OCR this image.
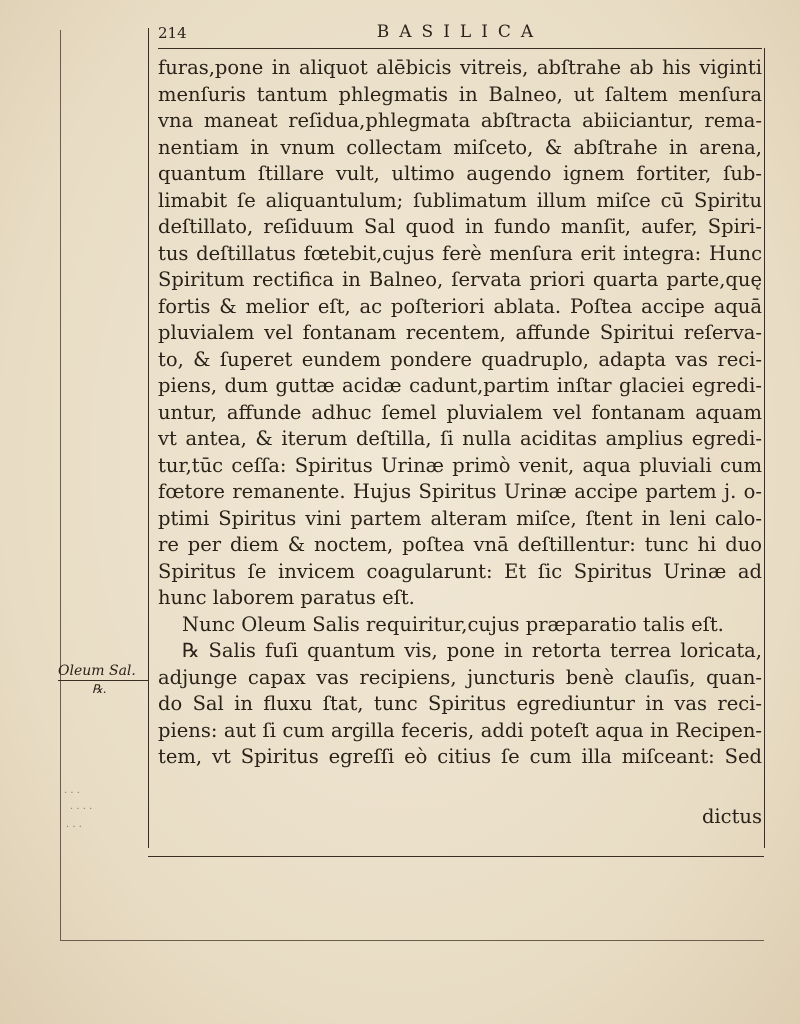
214	BASILICA
furas,pone in aliquot alēbicis vitreis, abſtrahe ab his viginti
menſuris tantum phlegmatis in Balneo, ut ſaltem menſura
vna maneat reſidua,phlegmata abſtracta abiiciantur, rema-
nentiam in vnum collectam miſceto, & abſtrahe in arena,
quantum ſtillare vult, ultimo augendo ignem fortiter, ſub-
limabit ſe aliquantulum; ſublimatum illum miſce cū Spiritu
deſtillato, reſiduum Sal quod in fundo manſit, aufer, Spiri-
tus deſtillatus fœtebit,cujus ferè menſura erit integra: Hunc
Spiritum rectifica in Balneo, ſervata priori quarta parte,quę
fortis & melior eſt, ac poſteriori ablata. Poſtea accipe aquā
pluvialem vel fontanam recentem, affunde Spiritui reſerva-
to, & ſuperet eundem pondere quadruplo, adapta vas reci-
piens, dum guttæ acidæ cadunt,partim inſtar glaciei egredi-
untur, affunde adhuc ſemel pluvialem vel fontanam aquam
vt antea, & iterum deſtilla, ſi nulla aciditas amplius egredi-
tur,tūc ceſſa: Spiritus Urinæ primò venit, aqua pluviali cum
fœtore remanente. Hujus Spiritus Urinæ accipe partem j. o-
ptimi Spiritus vini partem alteram miſce, ſtent in leni calo-
re per diem & noctem, poſtea vnā deſtillentur: tunc hi duo
Spiritus ſe invicem coagularunt: Et ſic Spiritus Urinæ ad
hunc laborem paratus eſt.
Nunc Oleum Salis requiritur,cujus præparatio talis eſt.
℞ Salis fuſi quantum vis, pone in retorta terrea loricata,
adjunge capax vas recipiens, juncturis benè clauſis, quan-
do Sal in fluxu ſtat, tunc Spiritus egrediuntur in vas reci-
piens: aut ſi cum argilla feceris, addi poteſt aqua in Recipen-
tem, vt Spiritus egreſſi eò citius ſe cum illa miſceant: Sed
dictus
Oleum Sal.
℞.
· · ·
· · · ·
· · ·
